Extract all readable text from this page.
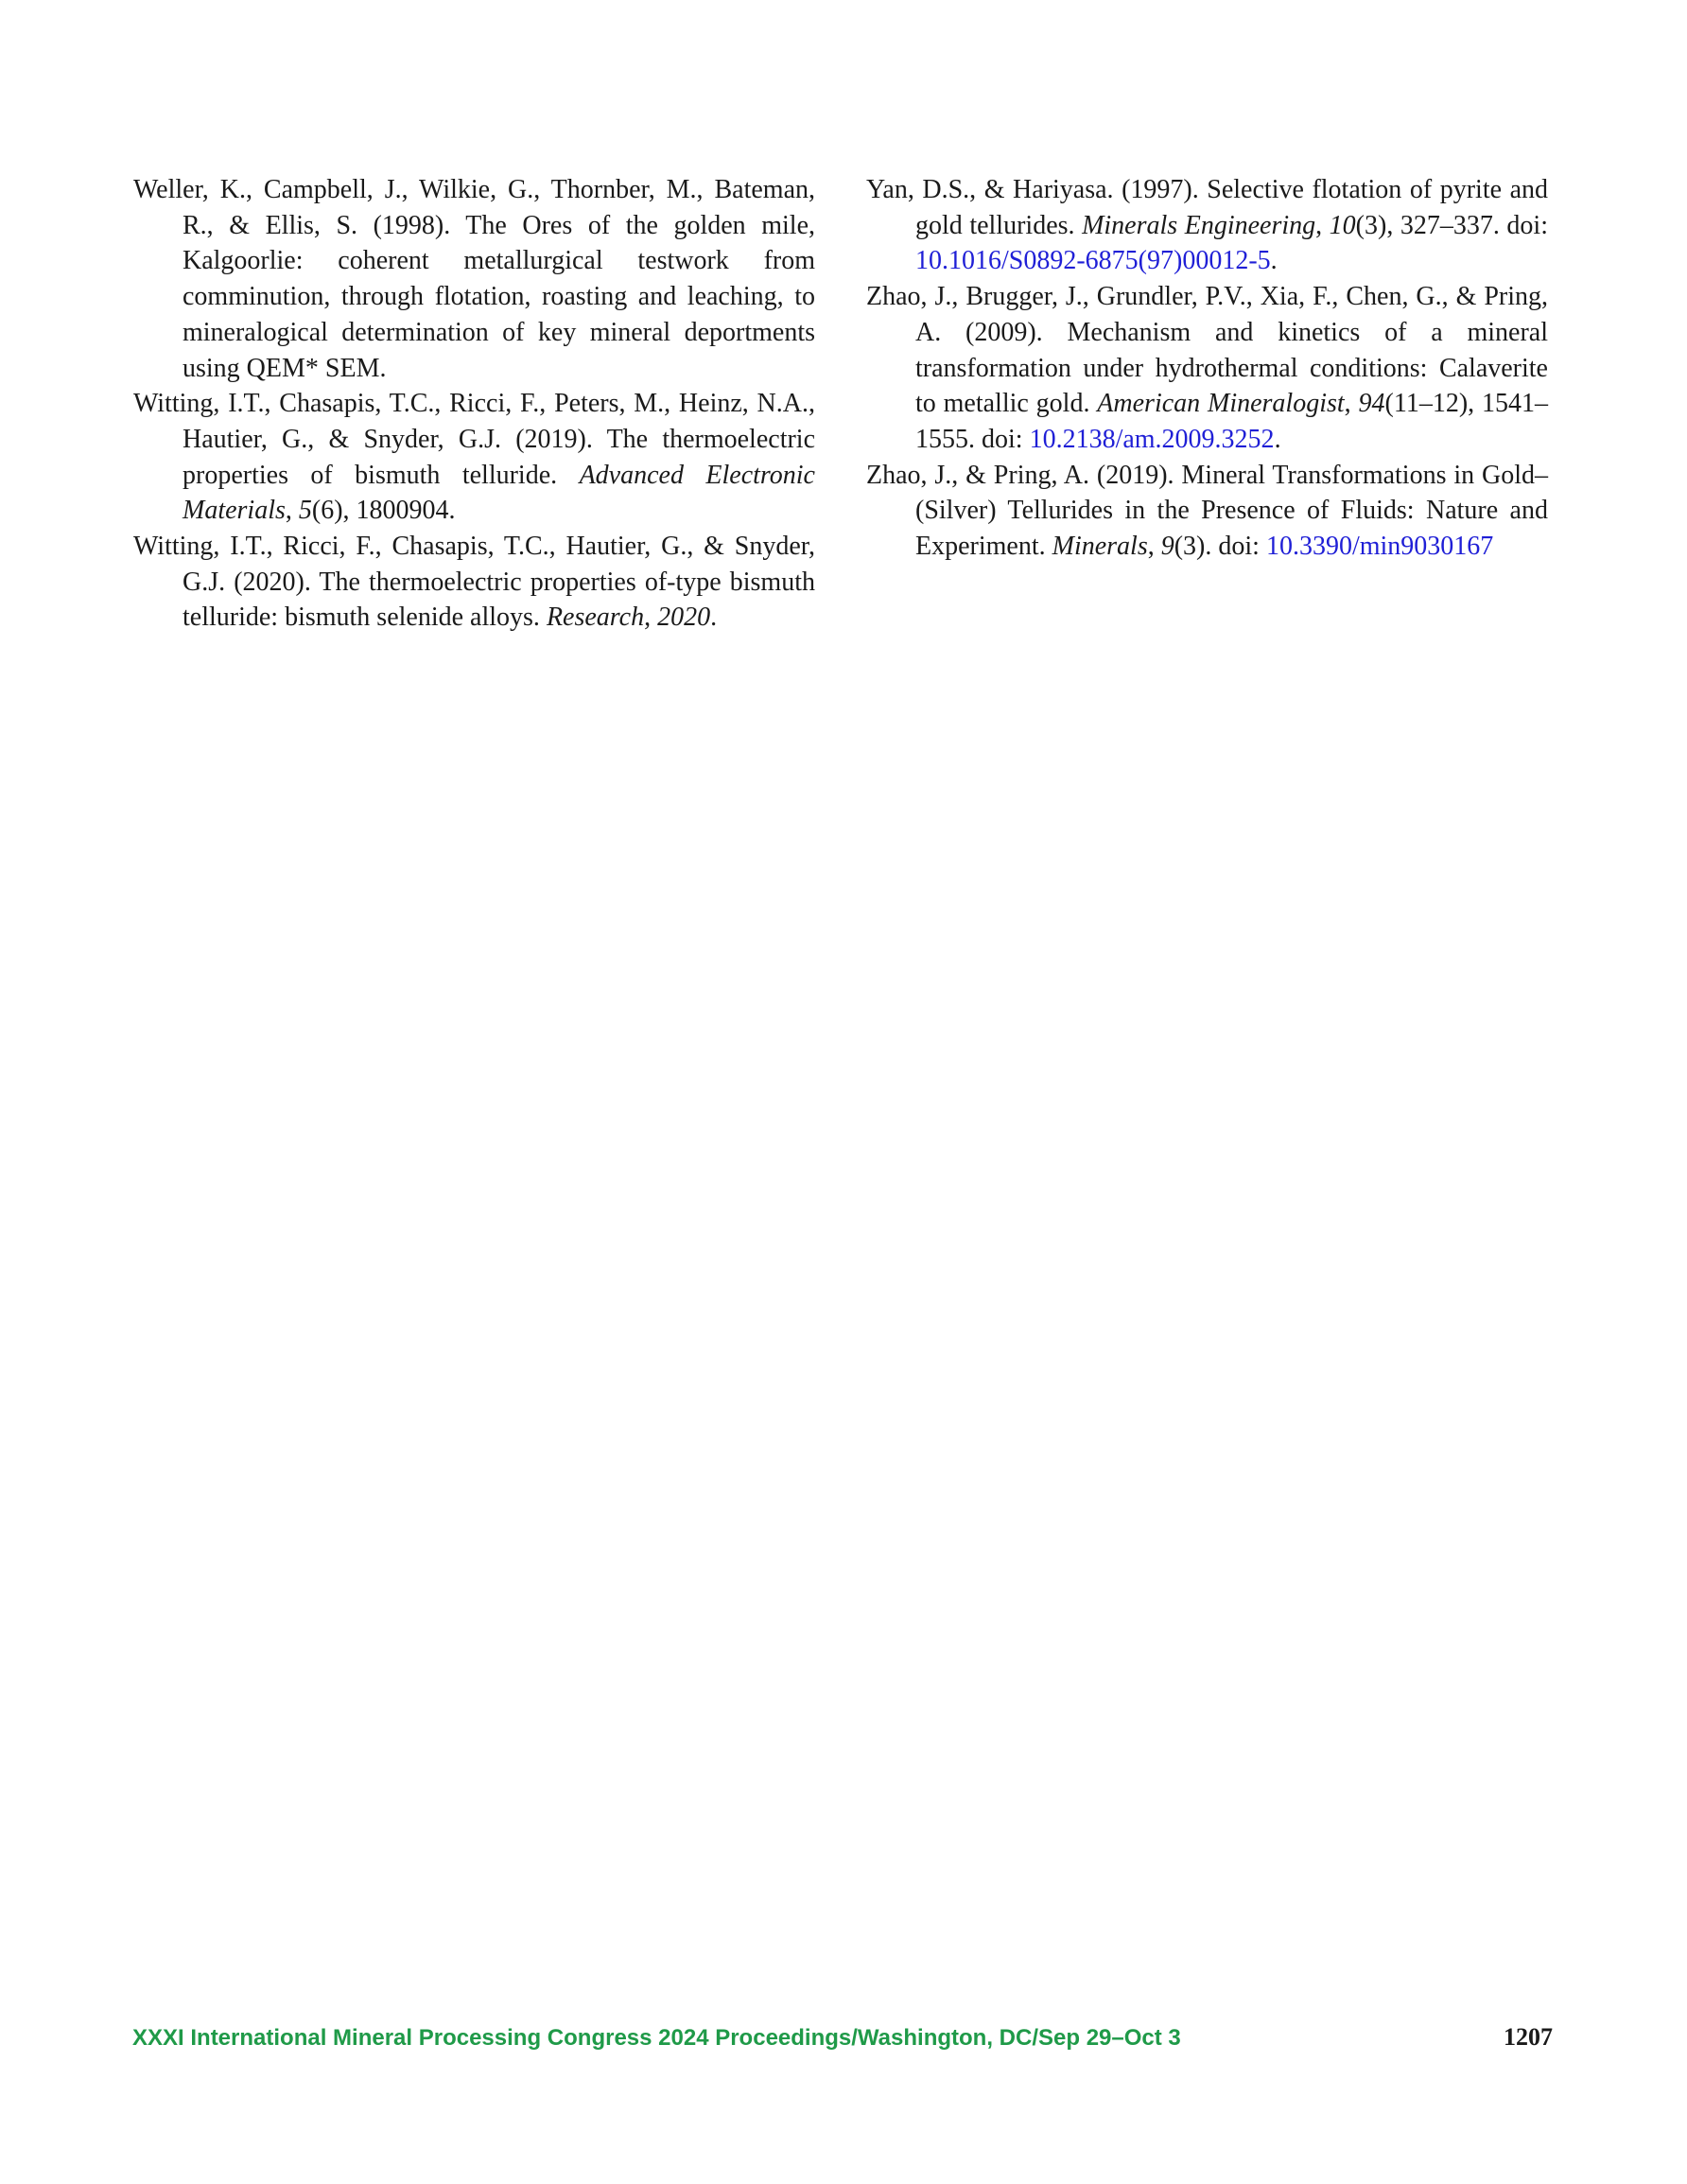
Weller, K., Campbell, J., Wilkie, G., Thornber, M., Bateman, R., & Ellis, S. (1998). The Ores of the golden mile, Kalgoorlie: coherent metallurgical testwork from comminution, through flotation, roasting and leaching, to mineralogical determination of key mineral deportments using QEM* SEM.

Witting, I.T., Chasapis, T.C., Ricci, F., Peters, M., Heinz, N.A., Hautier, G., & Snyder, G.J. (2019). The thermoelectric properties of bismuth telluride. Advanced Electronic Materials, 5(6), 1800904.

Witting, I.T., Ricci, F., Chasapis, T.C., Hautier, G., & Snyder, G.J. (2020). The thermoelectric properties of-type bismuth telluride: bismuth selenide alloys. Research, 2020.

Yan, D.S., & Hariyasa. (1997). Selective flotation of pyrite and gold tellurides. Minerals Engineering, 10(3), 327–337. doi: 10.1016/S0892-6875(97)00012-5.

Zhao, J., Brugger, J., Grundler, P.V., Xia, F., Chen, G., & Pring, A. (2009). Mechanism and kinetics of a mineral transformation under hydrothermal conditions: Calaverite to metallic gold. American Mineralogist, 94(11–12), 1541–1555. doi: 10.2138/am.2009.3252.

Zhao, J., & Pring, A. (2019). Mineral Transformations in Gold–(Silver) Tellurides in the Presence of Fluids: Nature and Experiment. Minerals, 9(3). doi: 10.3390/min9030167

XXXI International Mineral Processing Congress 2024 Proceedings/Washington, DC/Sep 29–Oct 3	1207
